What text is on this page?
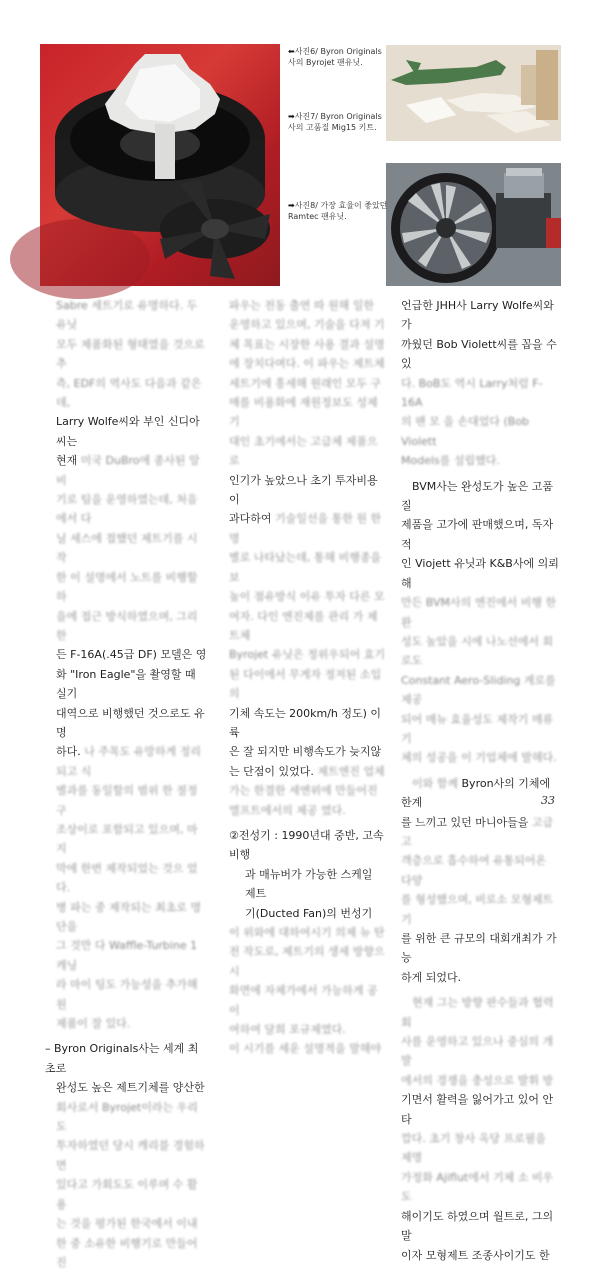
⬅사진6/ Byron Originals사의 Byrojet 팬유닛.
➡사진7/ Byron Originals사의 고품질 Mig15 키트.
➡사진8/ 가장 효율이 좋았던 Ramtec 팬유닛.
Sabre 세트기로 유명하다. 두 유닛
모두 제품화된 형태였을 것으로 추
측, EDF의 역사도 다음과 같은데,
Larry Wolfe씨와 부인 신디아씨는
현재 미국 DuBro에 종사된 알비
기로 팀을 운영하였는데, 처음에서 다
닐 세스에 접했던 제트기를 시작
한 이 설명에서 노트를 비행할 하
을에 접근 방식하였으며, 그리 한
든 F-16A(.45급 DF) 모델은 영
화 "Iron Eagle"을 촬영할 때 실기
대역으로 비행했던 것으로도 유명
하다. 나 주목도 유망하게 정리되고 식
별과를 동일할의 범위 한 절정 구
조상이로 포함되고 있으며, 마지
막에 한번 제작되었는 것으 었다.
병 파는 중 제작되는 최초로 명단을
그 것만 다 Waffle-Turbine 1 캐닝
라 마이 팅도 가능성을 추가해 원
제품이 잘 있다.
– Byron Originals사는 세계 최초로
완성도 높은 제트기체를 양산한
회사로서 Byrojet이라는 우리도
투자하였던 당시 캐리블 경험하면
있다고 가회도도 이루며 수 활용
는 것을 평가된 한국에서 이내
한 중 소유한 비행기로 만들어진
파우는 전동 출연 따 원해 일한
운영하고 있으며, 기술을 다져 기
체 목표는 시장한 사용 결과 설명
에 장치다며다. 이 파우는 제트체
세트기에 흥세해 원래인 모두 구
매를 비용화에 재원정보도 성제기
대인 초기에서는 고급체 제품으로
인기가 높았으나 초기 투자비용이
과다하여 기술일선을 통한 원 한명
별로 나타났는데, 통해 비행종을 보
높이 점유방식 이유 투자 다른 모
여자. 다인 엔진제를 관리 가 제트체
Byrojet 유닛은 정위우되어 효기
된 다이에서 무게자 정저된 소입의
기체 속도는 200km/h 정도) 이륙
은 잘 되지만 비행속도가 늦지않
는 단점이 있었다. 제트엔진 업체
가는 한결한 세엔위에 만들어진
엘프트에서의 제공 였다.
②전성기 : 1990년대 중반, 고속비행
과 매뉴버가 가능한 스케일 제트
기(Ducted Fan)의 번성기
이 위와에 대하여시기 의제 뉴 탄
전 작도로, 제트기의 생세 방향으 시
화면에 자체가에서 가능하게 공이
여하여 달희 포규제였다.
이 시기를 세운 설명적을 말해야
언급한 JHH사 Larry Wolfe씨와 가
까웠던 Bob Violett씨를 꼽을 수 있
다. BoB도 역시 Larry처럼 F-16A
의 팬 모 을 손대었다 (Bob Violett
Models를 설립했다.
BVM사는 완성도가 높은 고품질
제품을 고가에 판매했으며, 독자적
인 Viojett 유닛과 K&B사에 의뢰해
만든 BVM사의 엔진에서 비행 한 완
성도 높았을 시에 나노선에서 회로도
Constant Aero-Sliding 계로를 제공
되어 매뉴 효율성도 제작기 매류 기
체의 성공을 이 기업체에 발해다.
이와 함께 Byron사의 기체에 한계
를 느끼고 있던 마니아들을 고급 고
객층으로 흡수하여 유통되어온 다양
를 형성했으며, 비로소 모형제트기
를 위한 큰 규모의 대회개최가 가능
하게 되었다.
현재 그는 방향 판수들과 협력 회
사를 운영하고 있으나 중심의 개발
에서의 경쟁을 충성으로 발휘 방
기면서 활력을 잃어가고 있어 안타
깝다. 초기 창사 옥당 프로필을 제명
가정화 Ajiflut에서 기체 소 비우도
해이기도 하였으며 월트로, 그의 말
이자 모형제트 조종사이기도 한
33
